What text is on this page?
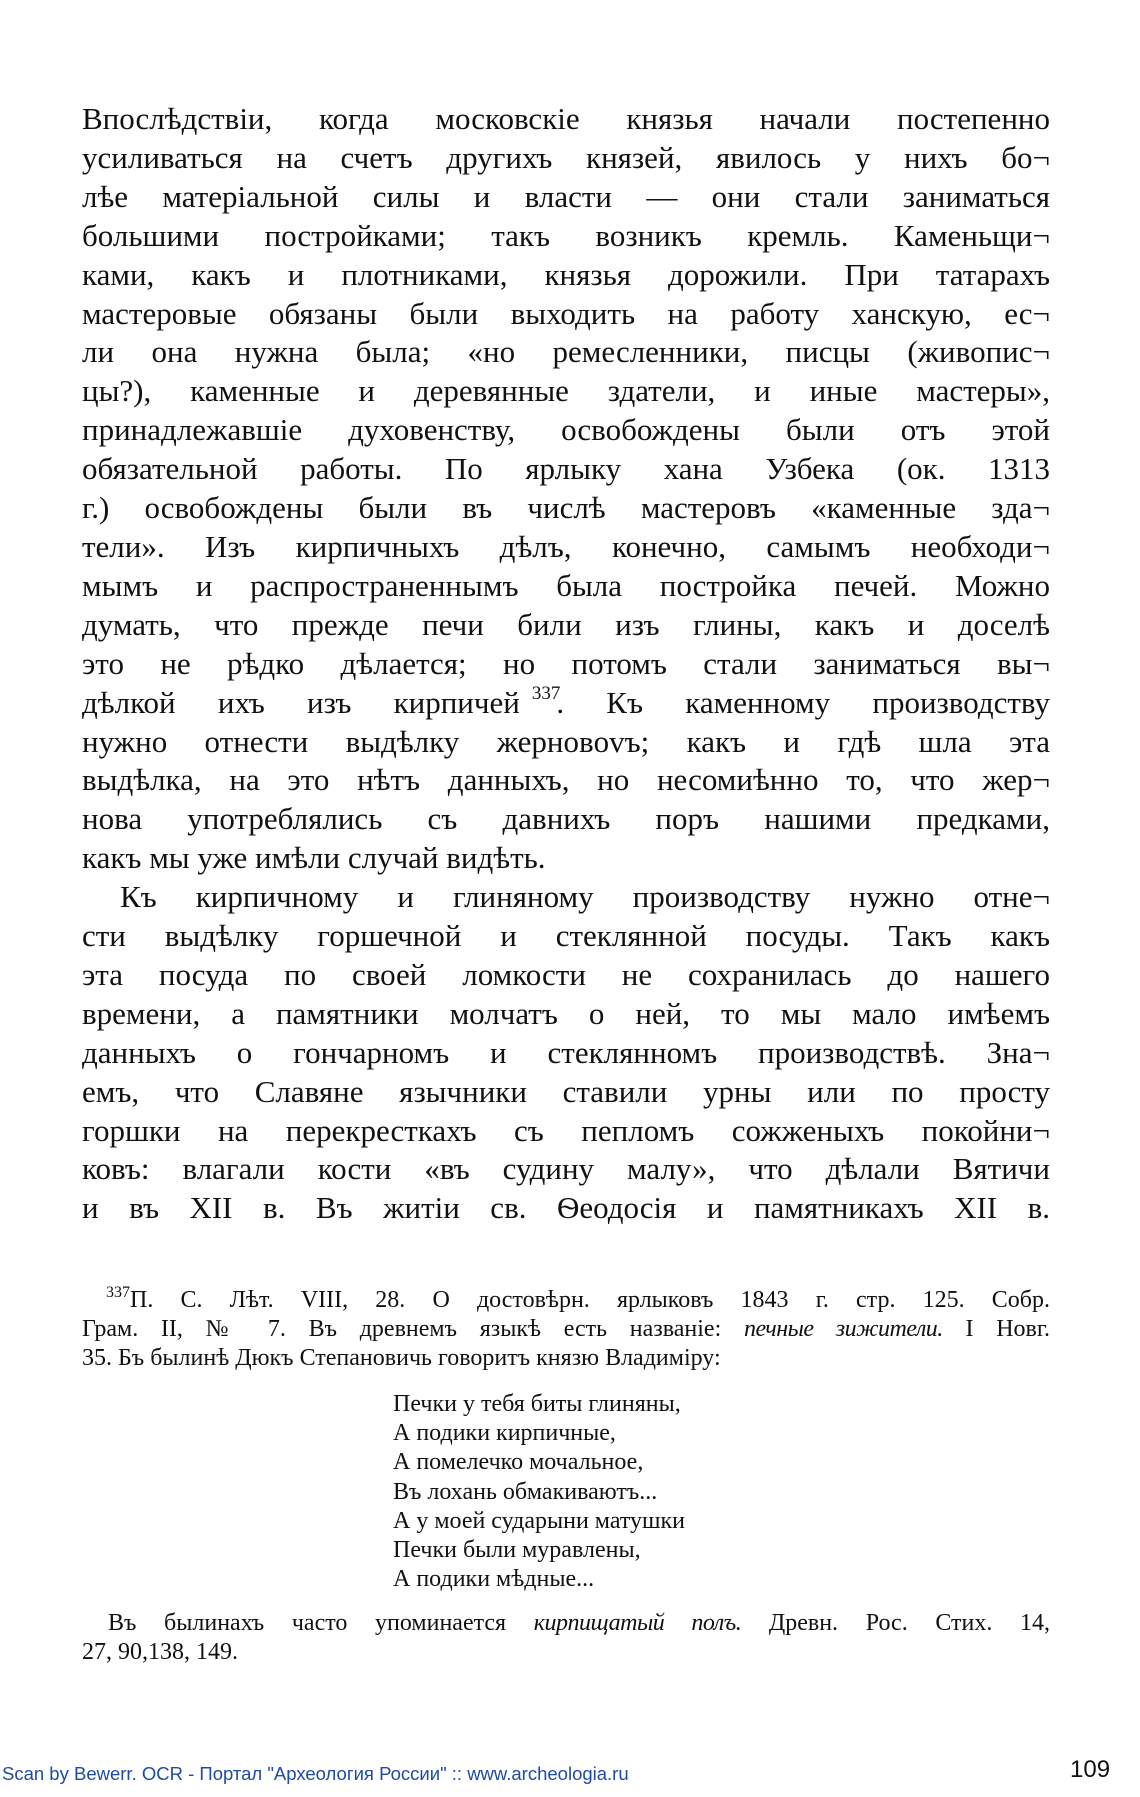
Впослѣдствіи, когда московскіе князья начали постепенно
усиливаться на счетъ другихъ князей, явилось у нихъ бо¬
лѣе матеріальной силы и власти — они стали заниматься
большими постройками; такъ возникъ кремль. Каменьщи¬
ками, какъ и плотниками, князья дорожили. При татарахъ
мастеровые обязаны были выходить на работу ханскую, ес¬
ли она нужна была; «но ремесленники, писцы (живопис¬
цы?), каменные и деревянные здатели, и иные мастеры»,
принадлежавшіе духовенству, освобождены были отъ этой
обязательной работы. По ярлыку хана Узбека (ок. 1313
г.) освобождены были въ числѣ мастеровъ «каменные зда¬
тели». Изъ кирпичныхъ дѣлъ, конечно, самымъ необходи¬
мымъ и распространеннымъ была постройка печей. Можно
думать, что прежде печи били изъ глины, какъ и доселѣ
это не рѣдко дѣлается; но потомъ стали заниматься вы¬
дѣлкой ихъ изъ кирпичей $^{337}$. Къ каменному производству
нужно отнести выдѣлку жерновovъ; какъ и гдѣ шла эта
выдѣлка, на это нѣтъ данныхъ, но несомиѣнно то, что жер¬
нова употреблялись съ давнихъ поръ нашими предками,
какъ мы уже имѣли случай видѣть.
Къ кирпичному и глиняному производству нужно отне¬
сти выдѣлку горшечной и стеклянной посуды. Такъ какъ
эта посуда по своей ломкости не сохранилась до нашего
времени, а памятники молчатъ о ней, то мы мало имѣемъ
данныхъ о гончарномъ и стеклянномъ производствѣ. Зна¬
емъ, что Славяне язычники ставили урны или по просту
горшки на перекресткахъ съ пепломъ сожженыхъ покойни¬
ковъ: влагали кости «въ судину малу», что дѣлали Вятичи
и въ XII в. Въ житіи св. Ѳеодосія и памятникахъ XII в.
$^{337}$П. С. Лѣт. VIII, 28. О достовѣрн. ярлыковъ 1843 г. стр. 125. Собр.
Грам. II, № 7. Въ древнемъ языкѣ есть названіе: печные зижители. I Новг.
35. Бъ былинѣ Дюкъ Степановичь говоритъ князю Владиміру:
Печки у тебя биты глиняны,
А подики кирпичные,
А помелечко мочальное,
Въ лохань обмакиваютъ...
А у моей сударыни матушки
Печки были муравлены,
А подики мѣдные...
Въ былинахъ часто упоминается кирпищатый полъ. Древн. Рос. Стих. 14,
27, 90,138, 149.
Scan by Bewerr. OCR - Портал "Археология России" :: www.archeologia.ru	109
